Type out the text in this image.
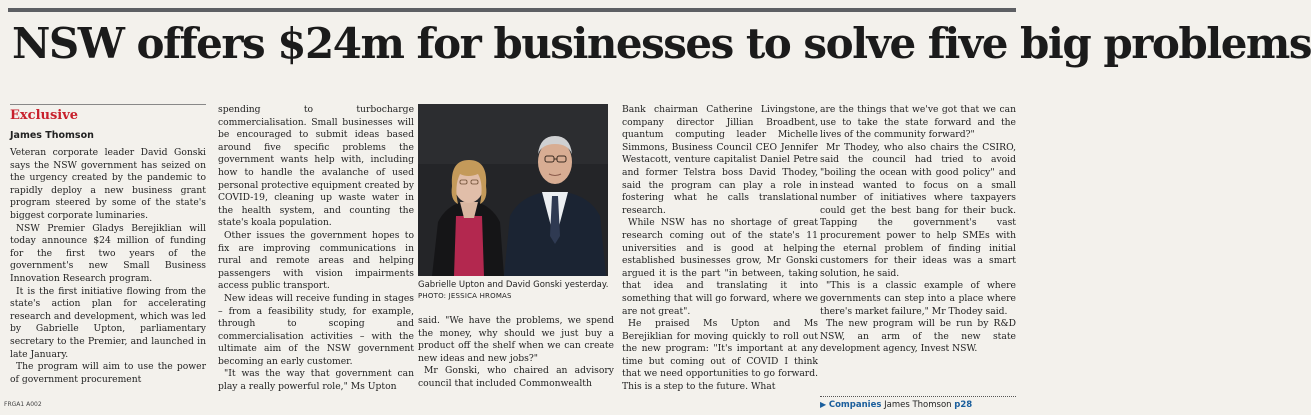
NSW offers $24m for businesses to solve five big problems
Exclusive
James Thomson

Veteran corporate leader David Gonski says the NSW government has seized on the urgency created by the pandemic to rapidly deploy a new business grant program steered by some of the state's biggest corporate luminaries.

NSW Premier Gladys Berejiklian will today announce $24 million of funding for the first two years of the government's new Small Business Innovation Research program.

It is the first initiative flowing from the state's action plan for accelerating research and development, which was led by Gabrielle Upton, parliamentary secretary to the Premier, and launched in late January.

The program will aim to use the power of government procurement

spending to turbocharge commercialisation. Small businesses will be encouraged to submit ideas based around five specific problems the government wants help with, including how to handle the avalanche of used personal protective equipment created by COVID-19, cleaning up waste water in the health system, and counting the state's koala population.

Other issues the government hopes to fix are improving communications in rural and remote areas and helping passengers with vision impairments access public transport.

New ideas will receive funding in stages – from a feasibility study, for example, through to scoping and commercialisation activities – with the ultimate aim of the NSW government becoming an early customer.

"It was the way that government can play a really powerful role," Ms Upton

Gabrielle Upton and David Gonski yesterday. PHOTO: JESSICA HROMAS

said. "We have the problems, we spend the money, why should we just buy a product off the shelf when we can create new ideas and new jobs?"

Mr Gonski, who chaired an advisory council that included Commonwealth

Bank chairman Catherine Livingstone, company director Jillian Broadbent, quantum computing leader Michelle Simmons, Business Council CEO Jennifer Westacott, venture capitalist Daniel Petre and former Telstra boss David Thodey, said the program can play a role in fostering what he calls translational research.

While NSW has no shortage of great research coming out of the state's 11 universities and is good at helping established businesses grow, Mr Gonski argued it is the part "in between, taking that idea and translating it into something that will go forward, where we are not great".

He praised Ms Upton and Ms Berejiklian for moving quickly to roll out the new program: "It's important at any time but coming out of COVID I think that we need opportunities to go forward. This is a step to the future. What

are the things that we've got that we can use to take the state forward and the lives of the community forward?"

Mr Thodey, who also chairs the CSIRO, said the council had tried to avoid "boiling the ocean with good policy" and instead wanted to focus on a small number of initiatives where taxpayers could get the best bang for their buck. Tapping the government's vast procurement power to help SMEs with the eternal problem of finding initial customers for their ideas was a smart solution, he said.

"This is a classic example of where governments can step into a place where there's market failure," Mr Thodey said.

The new program will be run by R&D NSW, an arm of the new state development agency, Invest NSW.

▶ Companies James Thomson p28
FRGA1 A002
